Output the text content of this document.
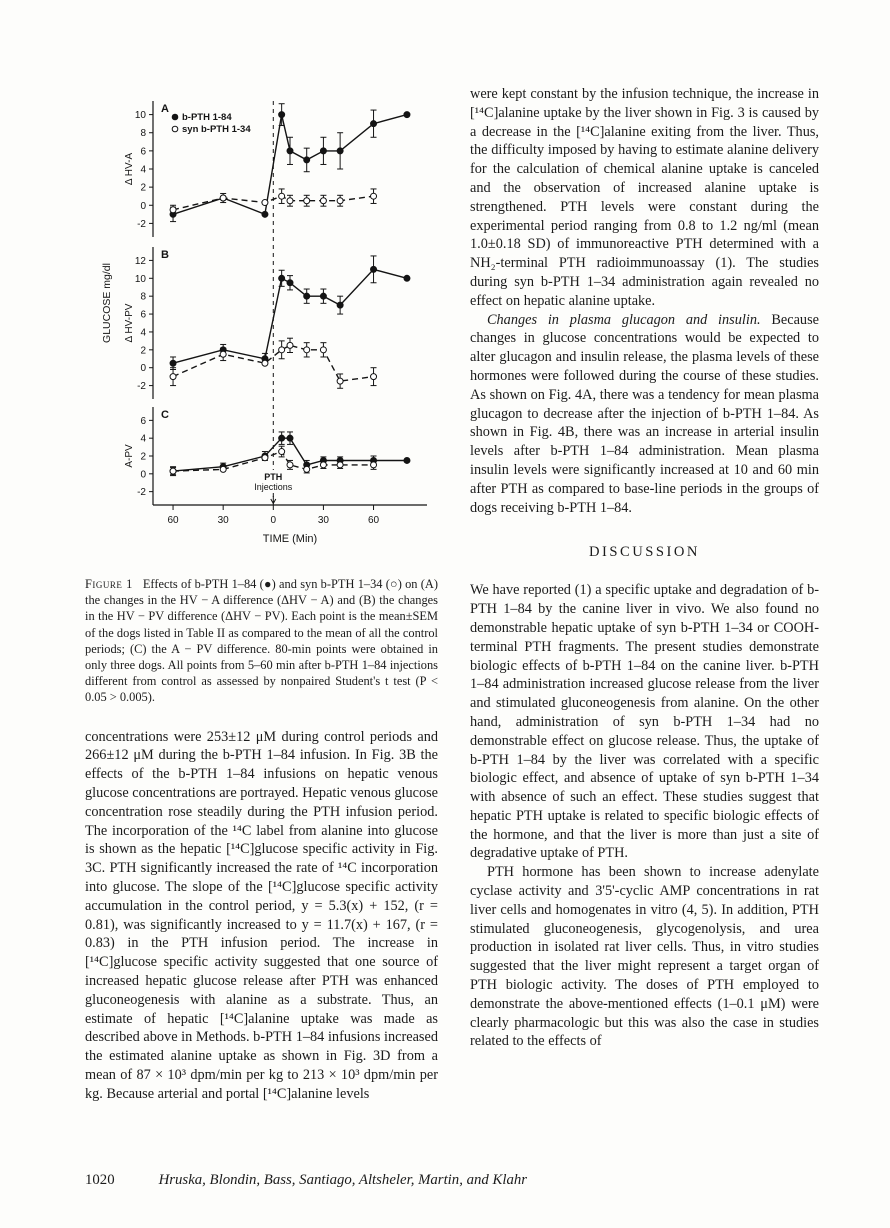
10
8
6
4
2
0
-2
A
Δ HV-A
12
10
8
6
4
2
0
-2
B
Δ HV-PV
6
4
2
0
-2
C
A-PV
b-PTH 1-84
syn b-PTH 1-34
60	30	0	30	60
TIME (Min)
GLUCOSE mg/dl
PTH
Injections
Figure 1 Effects of b-PTH 1–84 (●) and syn b-PTH 1–34 (○) on (A) the changes in the HV − A difference (ΔHV − A) and (B) the changes in the HV − PV difference (ΔHV − PV). Each point is the mean±SEM of the dogs listed in Table II as compared to the mean of all the control periods; (C) the A − PV difference. 80-min points were obtained in only three dogs. All points from 5–60 min after b-PTH 1–84 injections different from control as assessed by nonpaired Student's t test (P < 0.05 > 0.005).

concentrations were 253±12 μM during control periods and 266±12 μM during the b-PTH 1–84 infusion. In Fig. 3B the effects of the b-PTH 1–84 infusions on hepatic venous glucose concentrations are portrayed. Hepatic venous glucose concentration rose steadily during the PTH infusion period. The incorporation of the ¹⁴C label from alanine into glucose is shown as the hepatic [¹⁴C]glucose specific activity in Fig. 3C. PTH significantly increased the rate of ¹⁴C incorporation into glucose. The slope of the [¹⁴C]glucose specific activity accumulation in the control period, y = 5.3(x) + 152, (r = 0.81), was significantly increased to y = 11.7(x) + 167, (r = 0.83) in the PTH infusion period. The increase in [¹⁴C]glucose specific activity suggested that one source of increased hepatic glucose release after PTH was enhanced gluconeogenesis with alanine as a substrate. Thus, an estimate of hepatic [¹⁴C]alanine uptake was made as described above in Methods. b-PTH 1–84 infusions increased the estimated alanine uptake as shown in Fig. 3D from a mean of 87 × 10³ dpm/min per kg to 213 × 10³ dpm/min per kg. Because arterial and portal [¹⁴C]alanine levels

were kept constant by the infusion technique, the increase in [¹⁴C]alanine uptake by the liver shown in Fig. 3 is caused by a decrease in the [¹⁴C]alanine exiting from the liver. Thus, the difficulty imposed by having to estimate alanine delivery for the calculation of chemical alanine uptake is canceled and the observation of increased alanine uptake is strengthened. PTH levels were constant during the experimental period ranging from 0.8 to 1.2 ng/ml (mean 1.0±0.18 SD) of immunoreactive PTH determined with a NH₂-terminal PTH radioimmunoassay (1). The studies during syn b-PTH 1–34 administration again revealed no effect on hepatic alanine uptake.

Changes in plasma glucagon and insulin. Because changes in glucose concentrations would be expected to alter glucagon and insulin release, the plasma levels of these hormones were followed during the course of these studies. As shown on Fig. 4A, there was a tendency for mean plasma glucagon to decrease after the injection of b-PTH 1–84. As shown in Fig. 4B, there was an increase in arterial insulin levels after b-PTH 1–84 administration. Mean plasma insulin levels were significantly increased at 10 and 60 min after PTH as compared to base-line periods in the groups of dogs receiving b-PTH 1–84.

DISCUSSION

We have reported (1) a specific uptake and degradation of b-PTH 1–84 by the canine liver in vivo. We also found no demonstrable hepatic uptake of syn b-PTH 1–34 or COOH-terminal PTH fragments. The present studies demonstrate biologic effects of b-PTH 1–84 on the canine liver. b-PTH 1–84 administration increased glucose release from the liver and stimulated gluconeogenesis from alanine. On the other hand, administration of syn b-PTH 1–34 had no demonstrable effect on glucose release. Thus, the uptake of b-PTH 1–84 by the liver was correlated with a specific biologic effect, and absence of uptake of syn b-PTH 1–34 with absence of such an effect. These studies suggest that hepatic PTH uptake is related to specific biologic effects of the hormone, and that the liver is more than just a site of degradative uptake of PTH.

PTH hormone has been shown to increase adenylate cyclase activity and 3'5'-cyclic AMP concentrations in rat liver cells and homogenates in vitro (4, 5). In addition, PTH stimulated gluconeogenesis, glycogenolysis, and urea production in isolated rat liver cells. Thus, in vitro studies suggested that the liver might represent a target organ of PTH biologic activity. The doses of PTH employed to demonstrate the above-mentioned effects (1–0.1 μM) were clearly pharmacologic but this was also the case in studies related to the effects of

1020	Hruska, Blondin, Bass, Santiago, Altsheler, Martin, and Klahr
